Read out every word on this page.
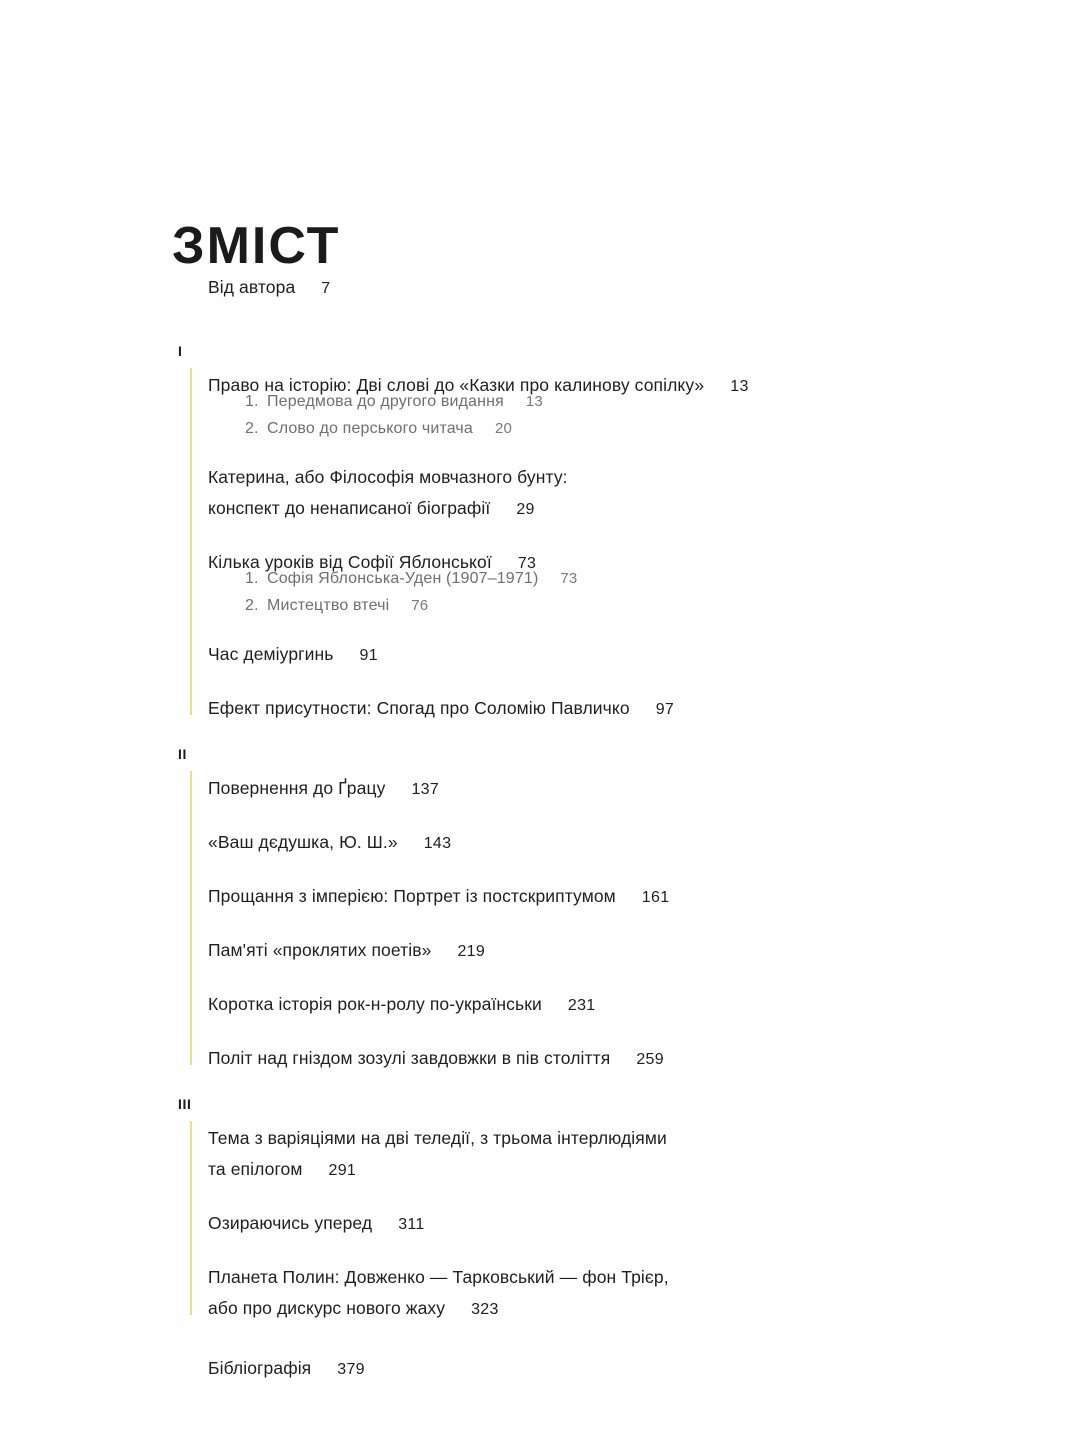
ЗМІСТ
Від автора 7
I
Право на історію: Дві слові до «Казки про калинову сопілку» 13
1. Передмова до другого видання 13
2. Слово до перського читача 20
Катерина, або Філософія мовчазного бунту:
конспект до ненаписаної біографії 29
Кілька уроків від Софії Яблонської 73
1. Софія Яблонська-Уден (1907–1971) 73
2. Мистецтво втечі 76
Час деміургинь 91
Ефект присутности: Спогад про Соломію Павличко 97
II
Повернення до Ґрацу 137
«Ваш дєдушка, Ю. Ш.» 143
Прощання з імперією: Портрет із постскриптумом 161
Пам'яті «проклятих поетів» 219
Коротка історія рок-н-ролу по-українськи 231
Політ над гніздом зозулі завдовжки в пів століття 259
III
Тема з варіяціями на дві теледії, з трьома інтерлюдіями
та епілогом 291
Озираючись уперед 311
Планета Полин: Довженко — Тарковський — фон Трієр,
або про дискурс нового жаху 323
Бібліографія 379
